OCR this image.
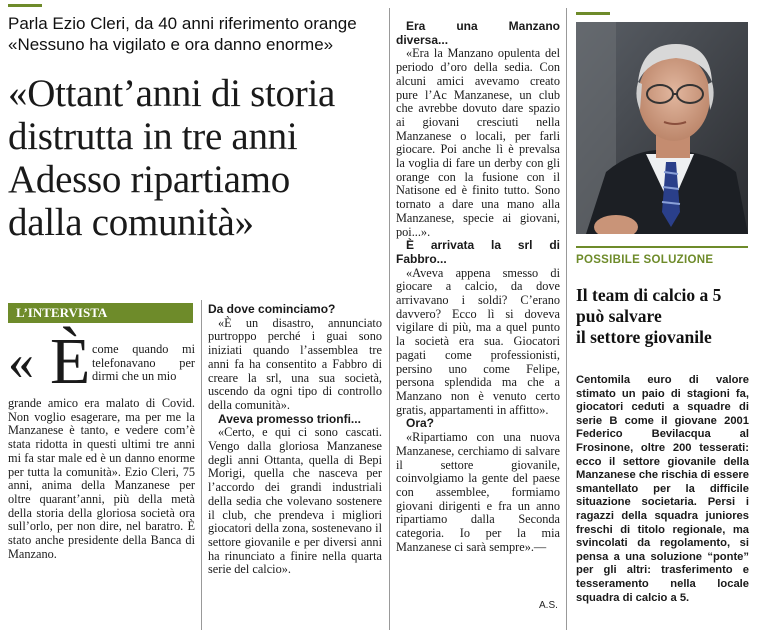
Parla Ezio Cleri, da 40 anni riferimento orange
«Nessuno ha vigilato e ora danno enorme»
«Ottant’anni di storia
distrutta in tre anni
Adesso ripartiamo
dalla comunità»
L’INTERVISTA
« È come quando mi telefonavano per dirmi che un mio

grande amico era malato di Covid. Non voglio esagerare, ma per me la Manzanese è tanto, e vedere com’è stata ridotta in questi ultimi tre anni mi fa star male ed è un danno enorme per tutta la comunità». Ezio Cleri, 75 anni, anima della Manzanese per oltre quarant’anni, più della metà della storia della gloriosa società ora sull’orlo, per non dire, nel baratro. È stato anche presidente della Banca di Manzano.

Da dove cominciamo?

«È un disastro, annunciato purtroppo perché i guai sono iniziati quando l’assemblea tre anni fa ha consentito a Fabbro di creare la srl, una sua società, uscendo da ogni tipo di controllo della comunità».

Aveva promesso trionfi...

«Certo, e qui ci sono cascati. Vengo dalla gloriosa Manzanese degli anni Ottanta, quella di Bepi Morigi, quella che nasceva per l’accordo dei grandi industriali della sedia che volevano sostenere il club, che prendeva i migliori giocatori della zona, sostenevano il settore giovanile e per diversi anni ha rinunciato a finire nella quarta serie del calcio».

Era una Manzano diversa...

«Era la Manzano opulenta del periodo d’oro della sedia. Con alcuni amici avevamo creato pure l’Ac Manzanese, un club che avrebbe dovuto dare spazio ai giovani cresciuti nella Manzanese o locali, per farli giocare. Poi anche lì è prevalsa la voglia di fare un derby con gli orange con la fusione con il Natisone ed è finito tutto. Sono tornato a dare una mano alla Manzanese, specie ai giovani, poi...».

È arrivata la srl di Fabbro...

«Aveva appena smesso di giocare a calcio, da dove arrivavano i soldi? C’erano davvero? Ecco lì si doveva vigilare di più, ma a quel punto la società era sua. Giocatori pagati come professionisti, persino uno come Felipe, persona splendida ma che a Manzano non è venuto certo gratis, appartamenti in affitto».

Ora?

«Ripartiamo con una nuova Manzanese, cerchiamo di salvare il settore giovanile, coinvolgiamo la gente del paese con assemblee, formiamo giovani dirigenti e fra un anno ripartiamo dalla Seconda categoria. Io per la mia Manzanese ci sarà sempre».—

A.S.
POSSIBILE SOLUZIONE
Il team di calcio a 5
può salvare
il settore giovanile

Centomila euro di valore stimato un paio di stagioni fa, giocatori ceduti a squadre di serie B come il giovane 2001 Federico Bevilacqua al Frosinone, oltre 200 tesserati: ecco il settore giovanile della Manzanese che rischia di essere smantellato per la difficile situazione societaria. Persi i ragazzi della squadra juniores freschi di titolo regionale, ma svincolati da regolamento, si pensa a una soluzione “ponte” per gli altri: trasferimento e tesseramento nella locale squadra di calcio a 5.
